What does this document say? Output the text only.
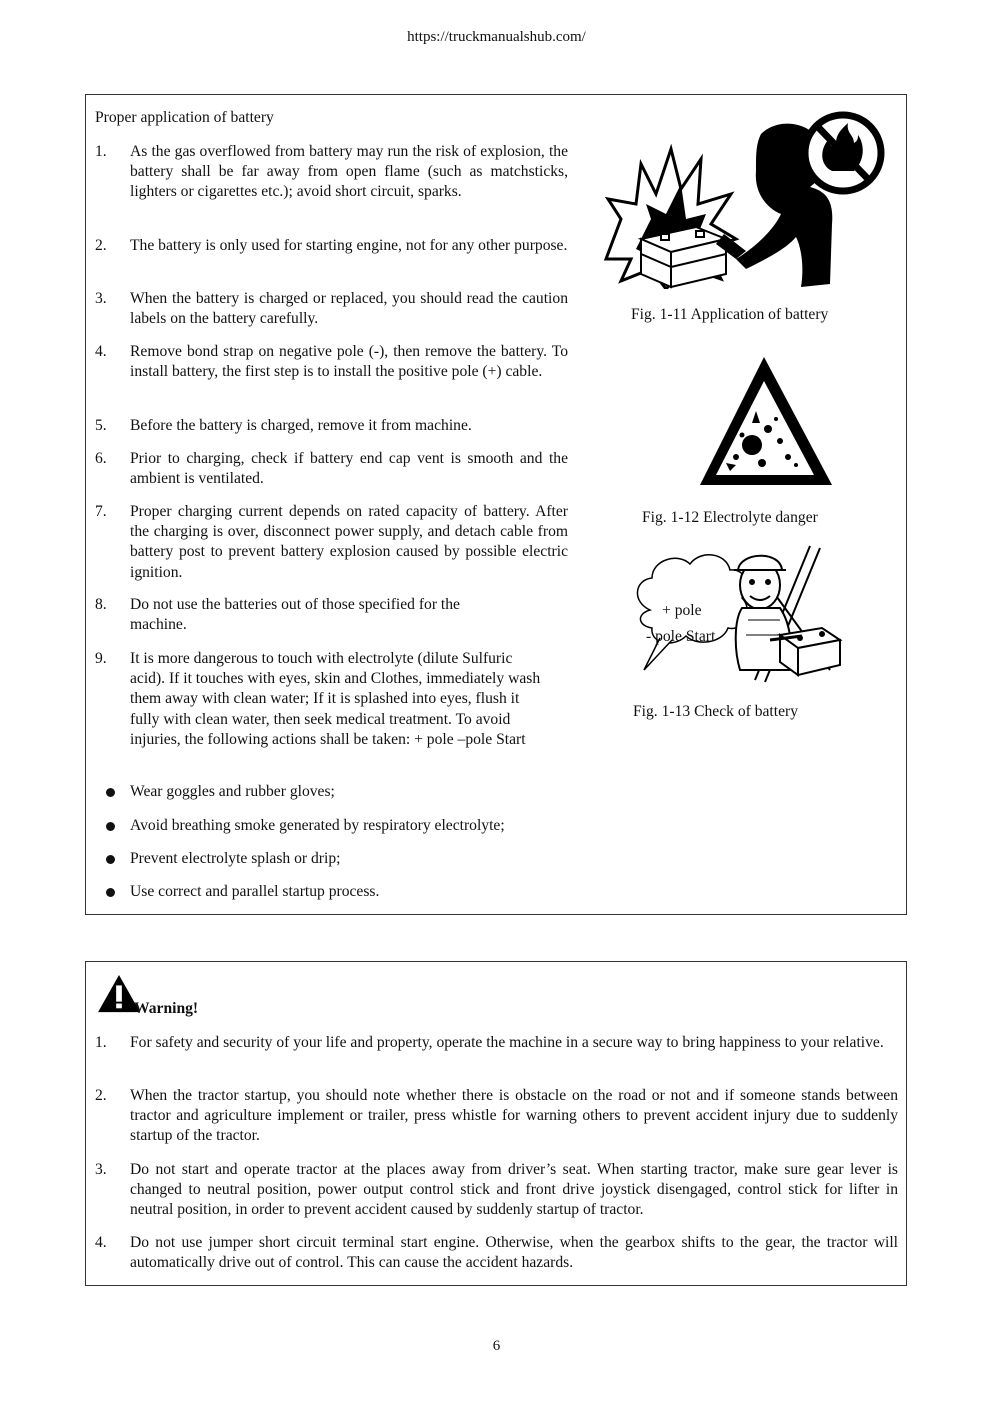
https://truckmanualshub.com/
Proper application of battery
1. As the gas overflowed from battery may run the risk of explosion, the battery shall be far away from open flame (such as matchsticks, lighters or cigarettes etc.); avoid short circuit, sparks.
2. The battery is only used for starting engine, not for any other purpose.
3. When the battery is charged or replaced, you should read the caution labels on the battery carefully.
4. Remove bond strap on negative pole (-), then remove the battery. To install battery, the first step is to install the positive pole (+) cable.
5. Before the battery is charged, remove it from machine.
6. Prior to charging, check if battery end cap vent is smooth and the ambient is ventilated.
7. Proper charging current depends on rated capacity of battery. After the charging is over, disconnect power supply, and detach cable from battery post to prevent battery explosion caused by possible electric ignition.
8. Do not use the batteries out of those specified for the machine.
9. It is more dangerous to touch with electrolyte (dilute Sulfuric acid). If it touches with eyes, skin and Clothes, immediately wash them away with clean water; If it is splashed into eyes, flush it fully with clean water, then seek medical treatment. To avoid injuries, the following actions shall be taken: + pole –pole Start
Wear goggles and rubber gloves;
Avoid breathing smoke generated by respiratory electrolyte;
Prevent electrolyte splash or drip;
Use correct and parallel startup process.
Fig. 1-11 Application of battery
Fig. 1-12 Electrolyte danger
+ pole
- pole Start
Fig. 1-13 Check of battery
Warning!
1. For safety and security of your life and property, operate the machine in a secure way to bring happiness to your relative.
2. When the tractor startup, you should note whether there is obstacle on the road or not and if someone stands between tractor and agriculture implement or trailer, press whistle for warning others to prevent accident injury due to suddenly startup of the tractor.
3. Do not start and operate tractor at the places away from driver’s seat. When starting tractor, make sure gear lever is changed to neutral position, power output control stick and front drive joystick disengaged, control stick for lifter in neutral position, in order to prevent accident caused by suddenly startup of tractor.
4. Do not use jumper short circuit terminal start engine. Otherwise, when the gearbox shifts to the gear, the tractor will automatically drive out of control. This can cause the accident hazards.
6
